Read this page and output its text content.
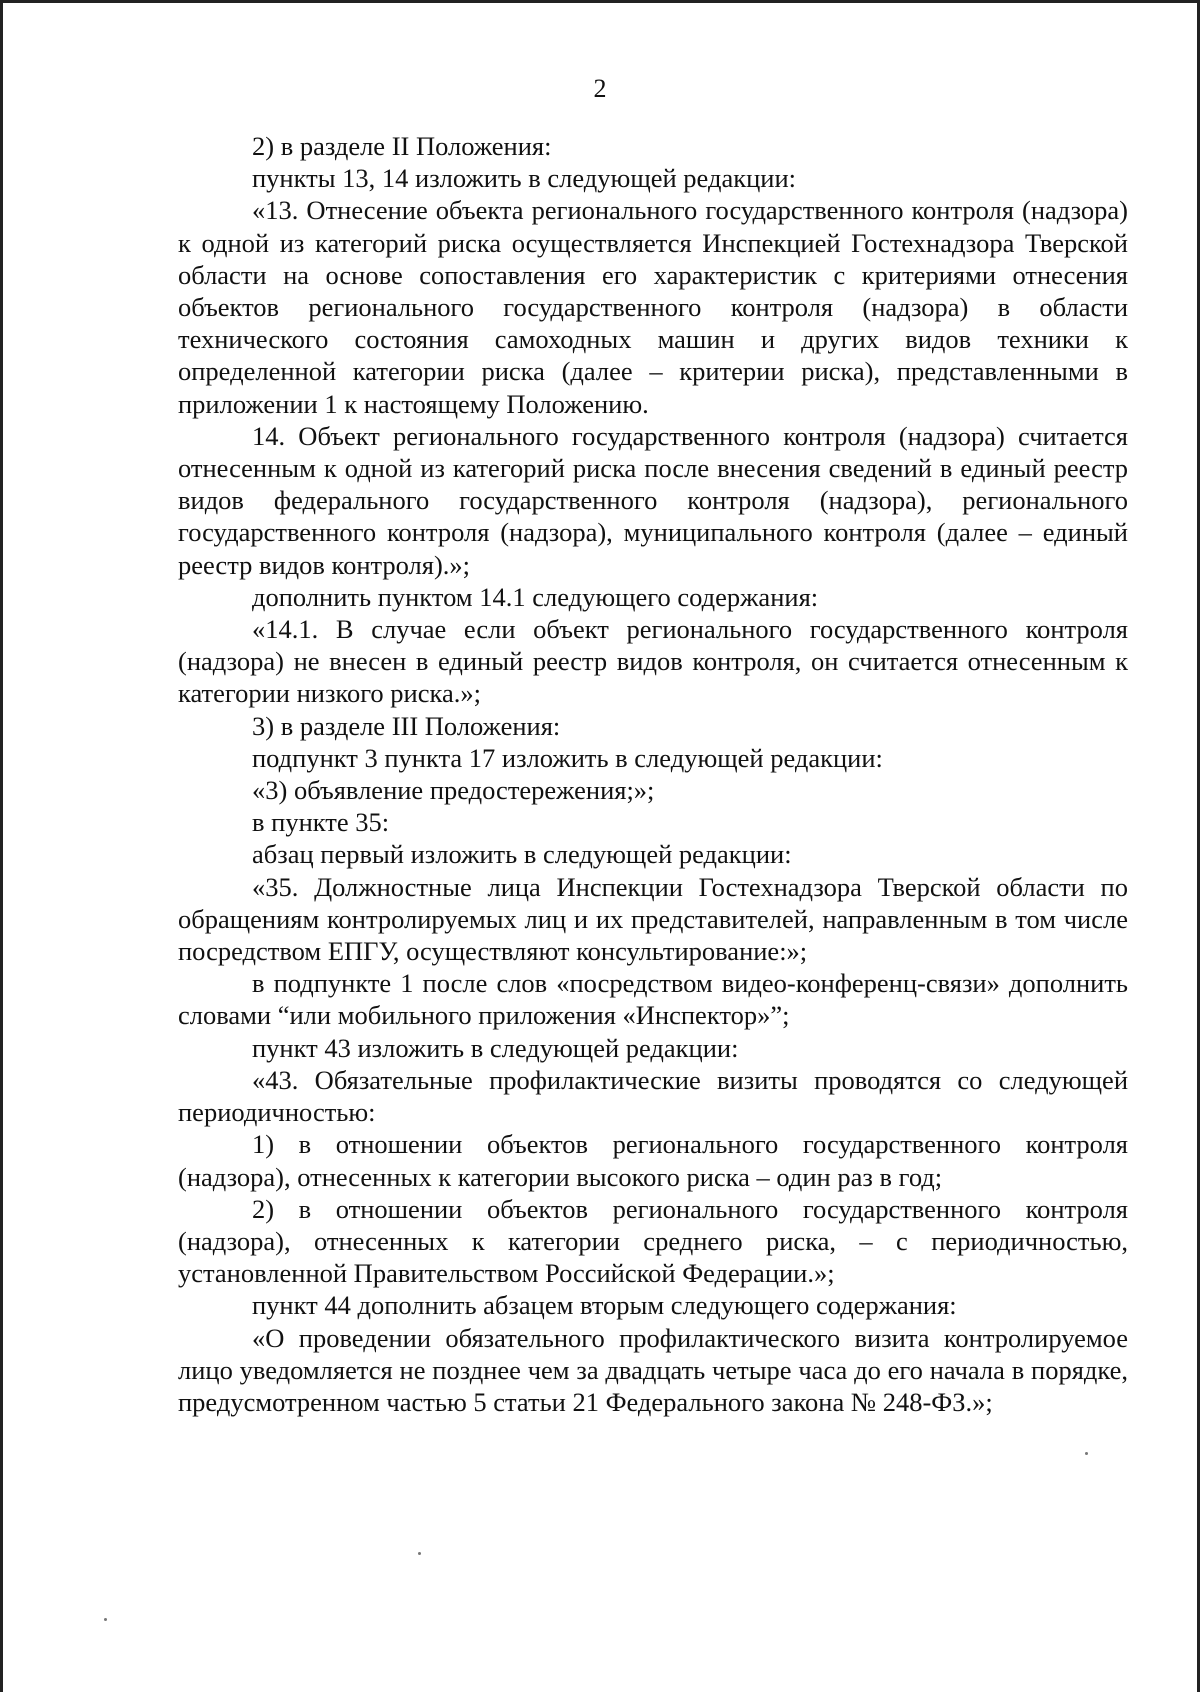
2

2) в разделе II Положения:

пункты 13, 14 изложить в следующей редакции:

«13. Отнесение объекта регионального государственного контроля (надзора) к одной из категорий риска осуществляется Инспекцией Гостехнадзора Тверской области на основе сопоставления его характеристик с критериями отнесения объектов регионального государственного контроля (надзора) в области технического состояния самоходных машин и других видов техники к определенной категории риска (далее – критерии риска), представленными в приложении 1 к настоящему Положению.

14. Объект регионального государственного контроля (надзора) считается отнесенным к одной из категорий риска после внесения сведений в единый реестр видов федерального государственного контроля (надзора), регионального государственного контроля (надзора), муниципального контроля (далее – единый реестр видов контроля).»;

дополнить пунктом 14.1 следующего содержания:

«14.1. В случае если объект регионального государственного контроля (надзора) не внесен в единый реестр видов контроля, он считается отнесенным к категории низкого риска.»;

3) в разделе III Положения:

подпункт 3 пункта 17 изложить в следующей редакции:

«3) объявление предостережения;»;

в пункте 35:

абзац первый изложить в следующей редакции:

«35. Должностные лица Инспекции Гостехнадзора Тверской области по обращениям контролируемых лиц и их представителей, направленным в том числе посредством ЕПГУ, осуществляют консультирование:»;

в подпункте 1 после слов «посредством видео-конференц-связи» дополнить словами “или мобильного приложения «Инспектор»”;

пункт 43 изложить в следующей редакции:

«43. Обязательные профилактические визиты проводятся со следующей периодичностью:

1) в отношении объектов регионального государственного контроля (надзора), отнесенных к категории высокого риска – один раз в год;

2) в отношении объектов регионального государственного контроля (надзора), отнесенных к категории среднего риска, – с периодичностью, установленной Правительством Российской Федерации.»;

пункт 44 дополнить абзацем вторым следующего содержания:

«О проведении обязательного профилактического визита контролируемое лицо уведомляется не позднее чем за двадцать четыре часа до его начала в порядке, предусмотренном частью 5 статьи 21 Федерального закона № 248-ФЗ.»;
